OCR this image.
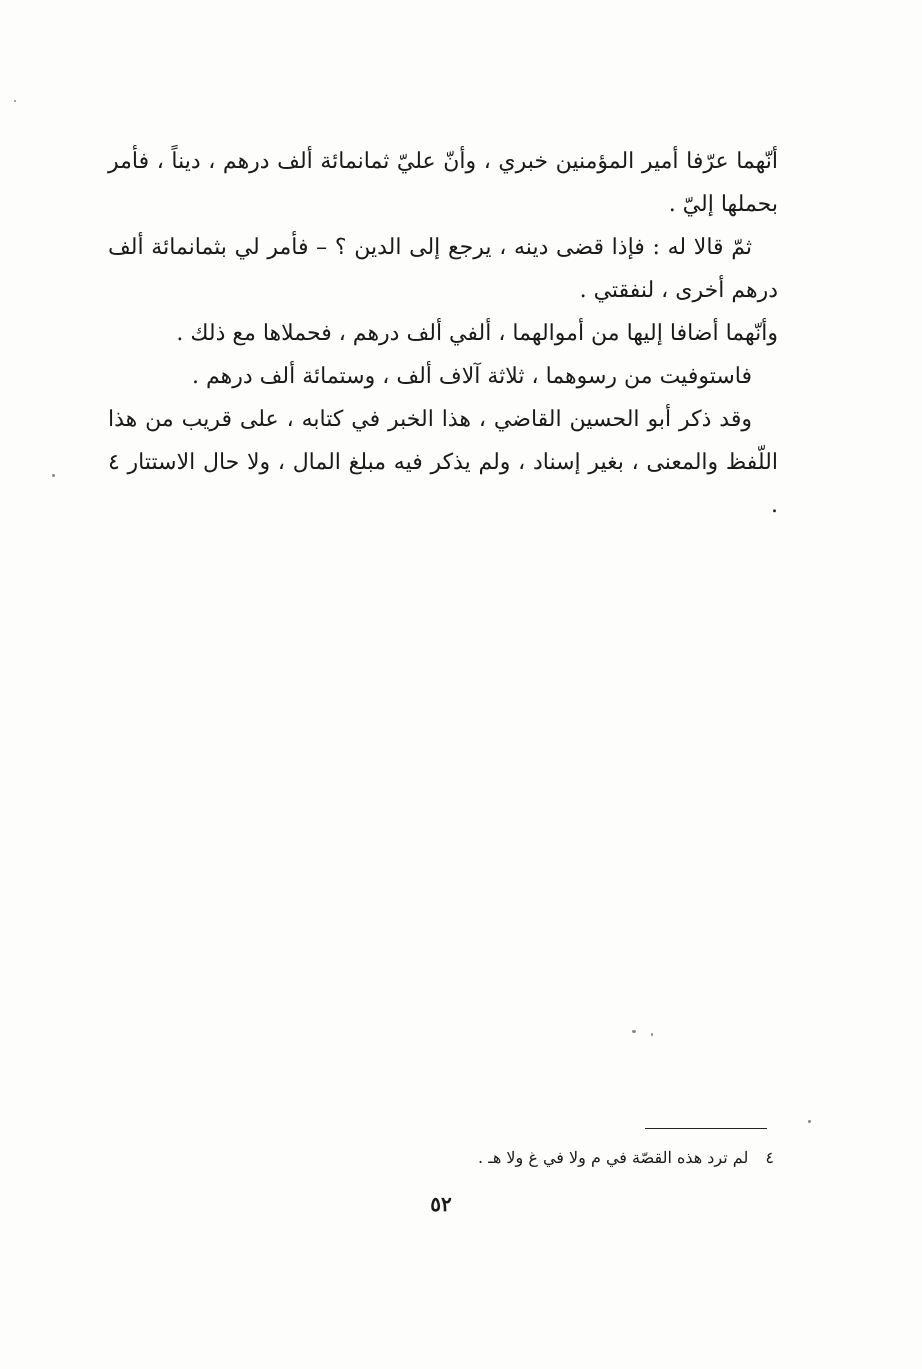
أنّهما عرّفا أمير المؤمنين خبري ، وأنّ عليّ ثمانمائة ألف درهم ، ديناً ، فأمر بحملها إليّ .

ثمّ قالا له : فإذا قضى دينه ، يرجع إلى الدين ؟ – فأمر لي بثمانمائة ألف درهم أخرى ، لنفقتي .

وأنّهما أضافا إليها من أموالهما ، ألفي ألف درهم ، فحملاها مع ذلك .

فاستوفيت من رسوهما ، ثلاثة آلاف ألف ، وستمائة ألف درهم .

وقد ذكر أبو الحسين القاضي ، هذا الخبر في كتابه ، على قريب من هذا اللّفظ والمعنى ، بغير إسناد ، ولم يذكر فيه مبلغ المال ، ولا حال الاستتار ٤ .

٤ لم ترد هذه القصّة في م ولا في غ ولا هـ .
٥٢
